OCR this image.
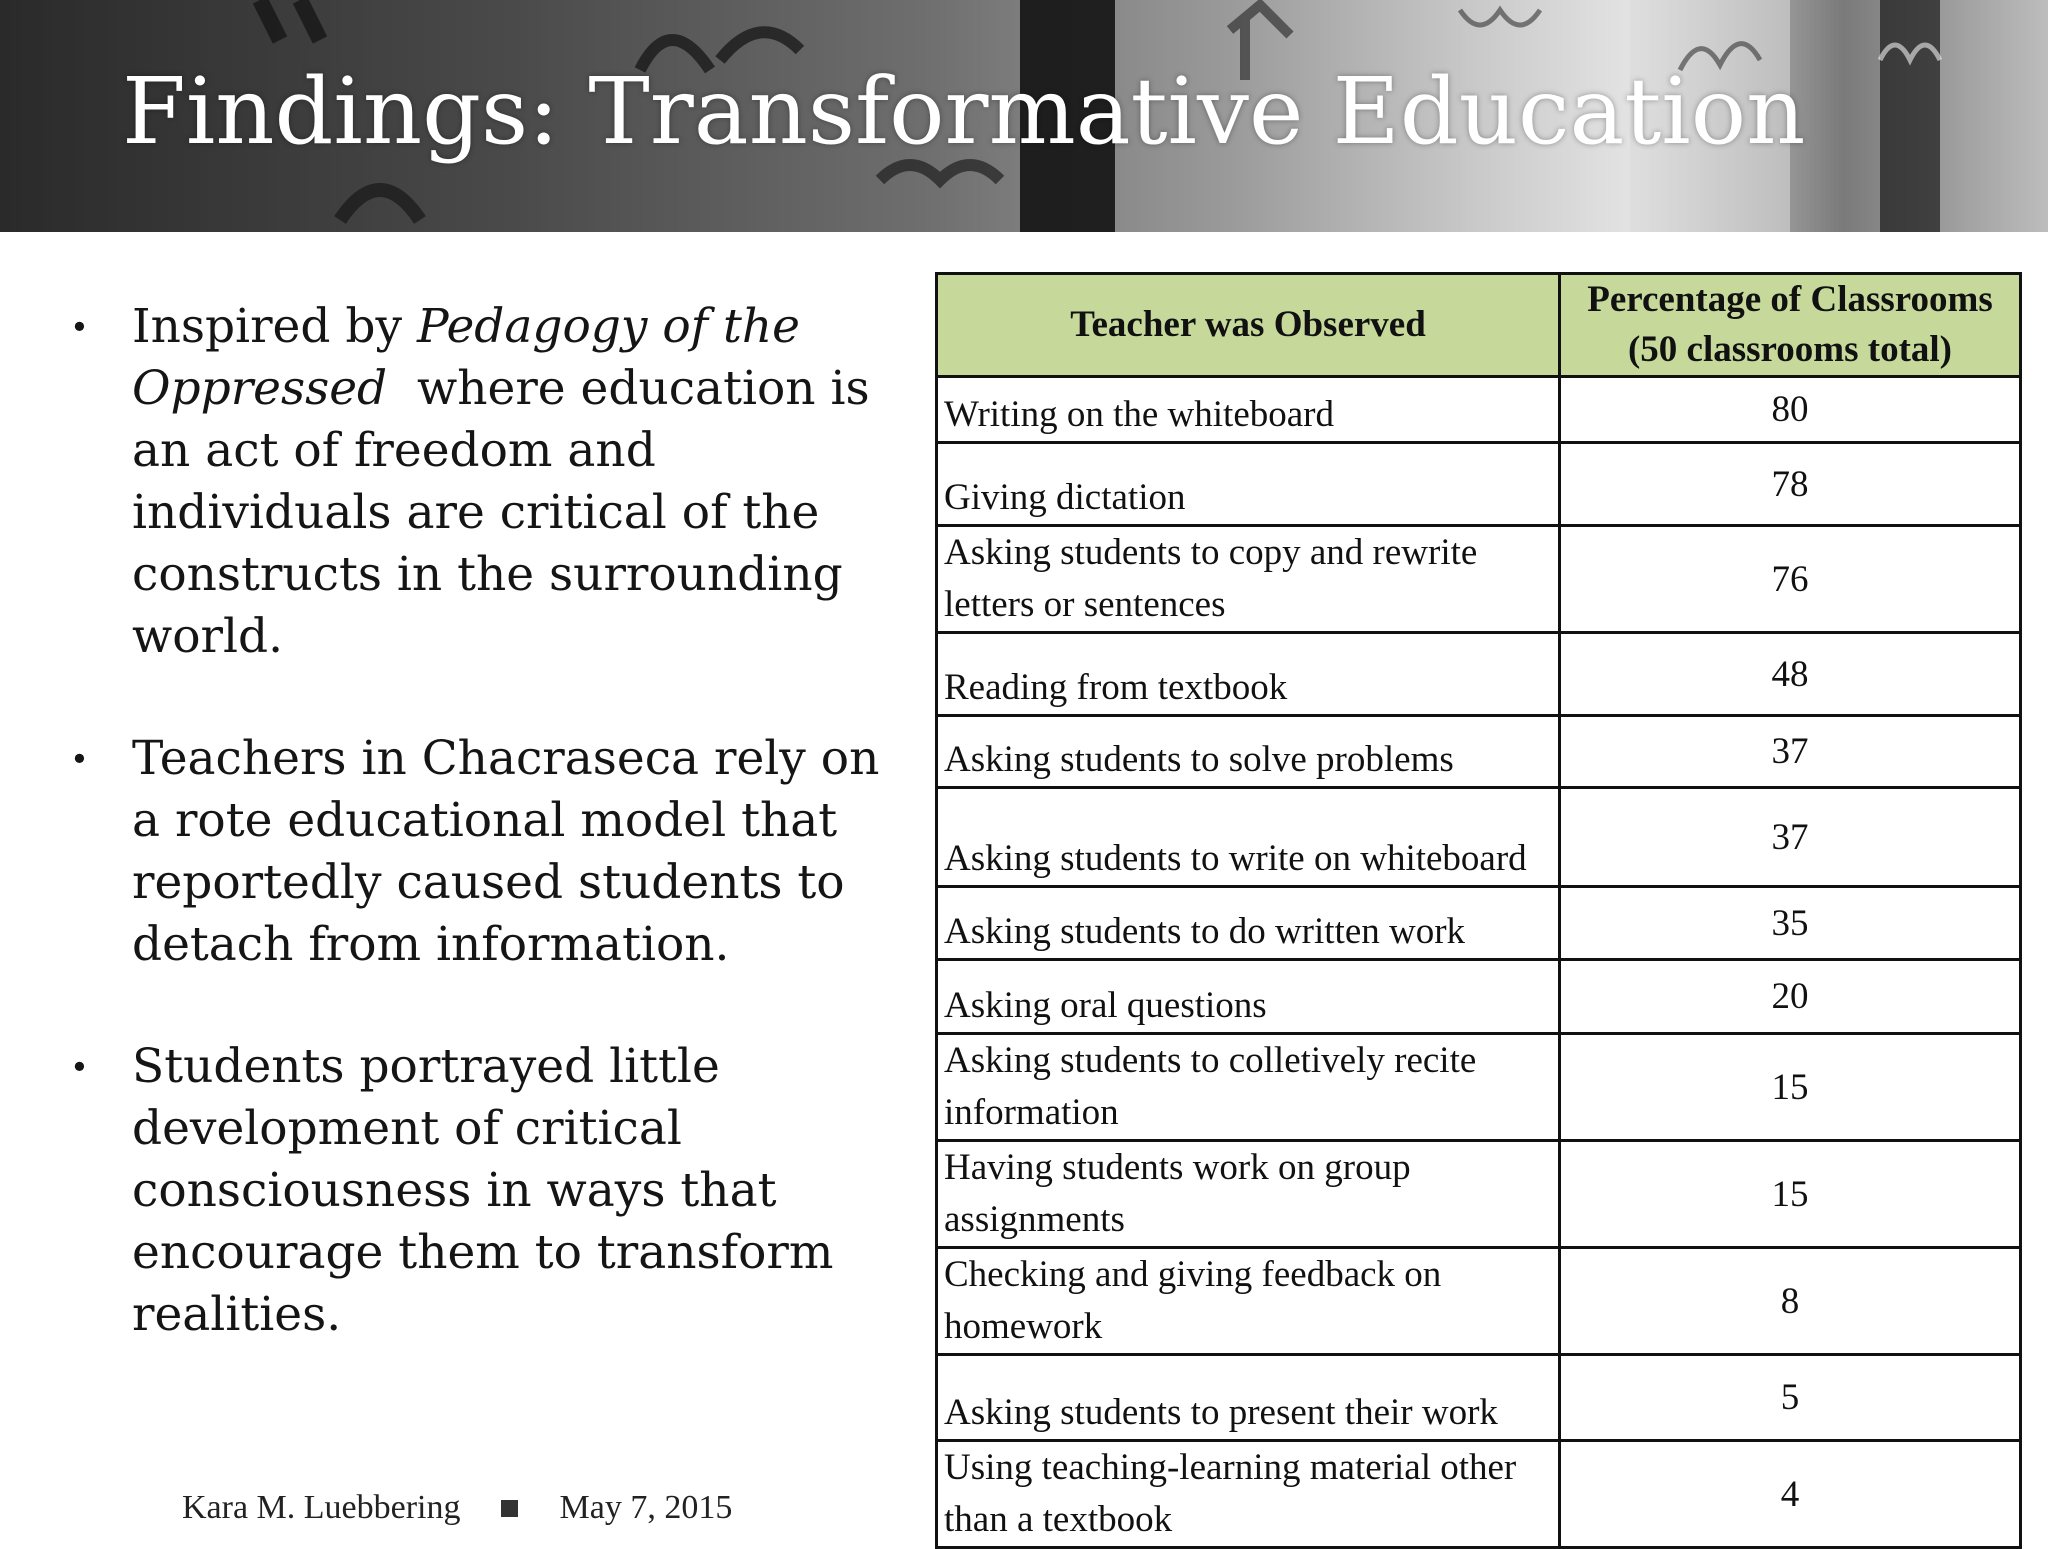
Findings: Transformative Education
• Inspired by Pedagogy of the Oppressed  where education is an act of freedom and individuals are critical of the constructs in the surrounding world.
• Teachers in Chacraseca rely on a rote educational model that reportedly caused students to detach from information.
• Students portrayed little development of critical consciousness in ways that encourage them to transform realities.
Kara M. Luebbering	May 7, 2015
Teacher was Observed	Percentage of Classrooms
(50 classrooms total)
Writing on the whiteboard	80
Giving dictation	78
Asking students to copy and rewrite letters or sentences	76
Reading from textbook	48
Asking students to solve problems	37
Asking students to write on whiteboard	37
Asking students to do written work	35
Asking oral questions	20
Asking students to colletively recite information	15
Having students work on group assignments	15
Checking and giving feedback on homework	8
Asking students to present their work	5
Using teaching-learning material other than a textbook	4
